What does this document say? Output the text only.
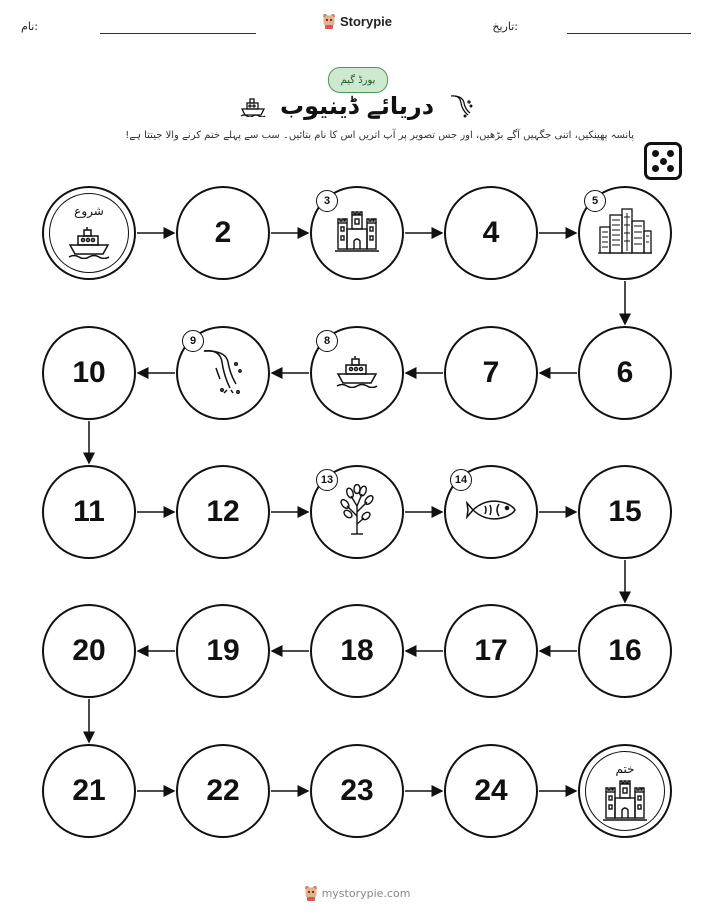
نام:	Storypie	تاریخ:
بورڈ گیم
دریائے ڈینیوب
پانسہ پھینکیں، اتنی جگہیں آگے بڑھیں، اور جس تصویر پر آپ اتریں اس کا نام بتائیں۔ سب سے پہلے ختم کرنے والا جیتتا ہے!
شروع
2
3
4
5
6
7
8
9
10
11	12
13	14
15
16
17
18
19
20
21	22	23	24
ختم
mystorypie.com
